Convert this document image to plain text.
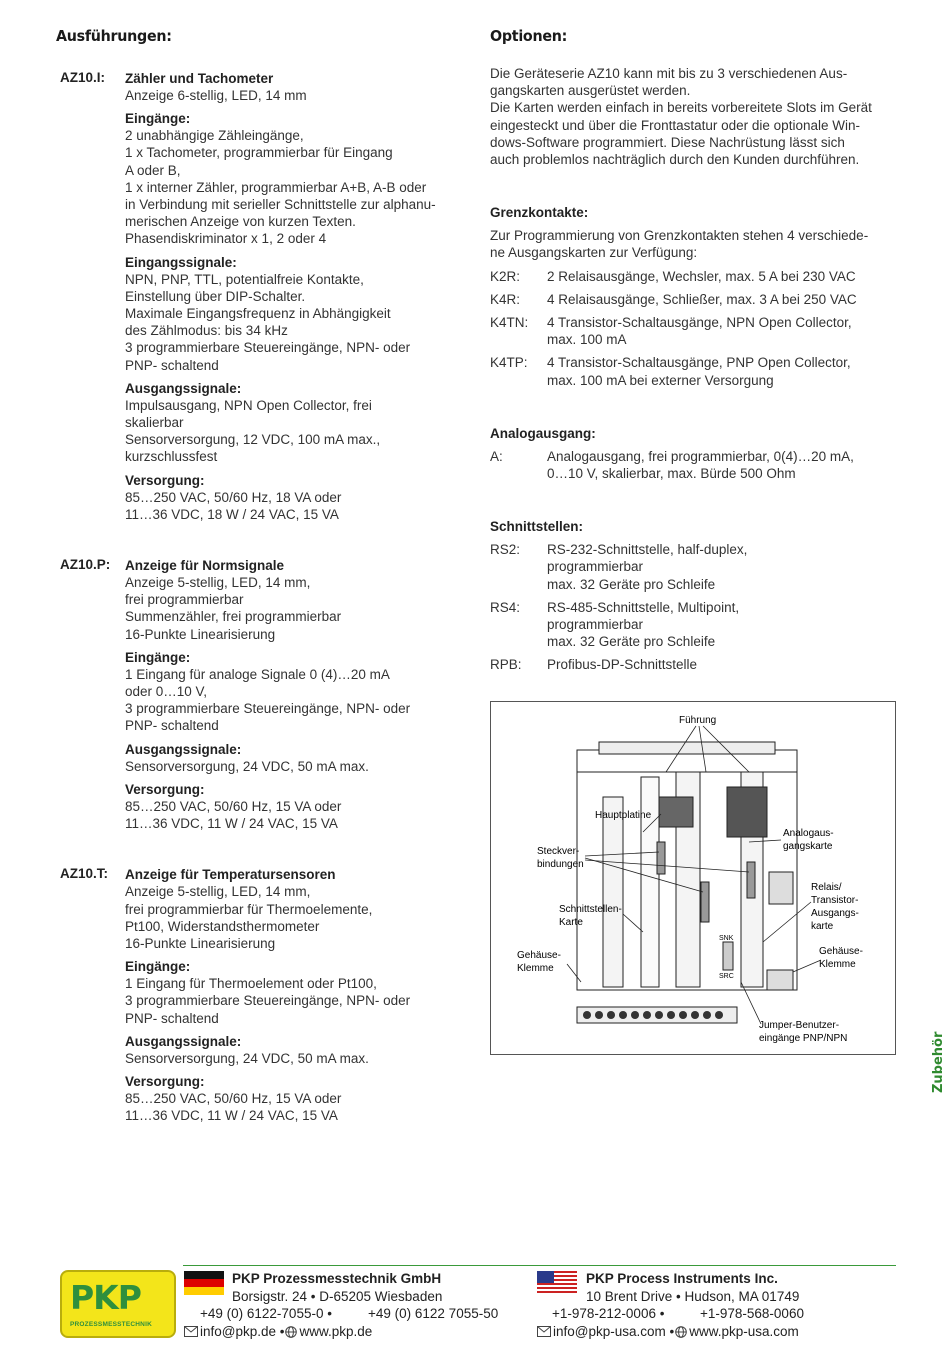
Ausführungen:
AZ10.I: Zähler und Tachometer
Anzeige 6-stellig, LED, 14 mm
Eingänge:
2 unabhängige Zähleingänge,
1 x Tachometer, programmierbar für Eingang
A oder B,
1 x interner Zähler, programmierbar A+B, A-B oder
in Verbindung mit serieller Schnittstelle zur alphanu-
merischen Anzeige von kurzen Texten.
Phasendiskriminator x 1, 2 oder 4
Eingangssignale:
NPN, PNP, TTL, potentialfreie Kontakte,
Einstellung über DIP-Schalter.
Maximale Eingangsfrequenz in Abhängigkeit
des Zählmodus: bis 34 kHz
3 programmierbare Steuereingänge, NPN- oder
PNP- schaltend
Ausgangssignale:
Impulsausgang, NPN Open Collector, frei
skalierbar
Sensorversorgung, 12 VDC, 100 mA max.,
kurzschlussfest
Versorgung:
85…250 VAC, 50/60 Hz, 18 VA oder
11…36 VDC, 18 W / 24 VAC, 15 VA
AZ10.P: Anzeige für Normsignale
Anzeige 5-stellig, LED, 14 mm,
frei programmierbar
Summenzähler, frei programmierbar
16-Punkte Linearisierung
Eingänge:
1 Eingang für analoge Signale 0 (4)…20 mA
oder 0…10 V,
3 programmierbare Steuereingänge, NPN- oder
PNP- schaltend
Ausgangssignale:
Sensorversorgung, 24 VDC, 50 mA max.
Versorgung:
85…250 VAC, 50/60 Hz, 15 VA oder
11…36 VDC, 11 W / 24 VAC, 15 VA
AZ10.T: Anzeige für Temperatursensoren
Anzeige 5-stellig, LED, 14 mm,
frei programmierbar für Thermoelemente,
Pt100, Widerstandsthermometer
16-Punkte Linearisierung
Eingänge:
1 Eingang für Thermoelement oder Pt100,
3 programmierbare Steuereingänge, NPN- oder
PNP- schaltend
Ausgangssignale:
Sensorversorgung, 24 VDC, 50 mA max.
Versorgung:
85…250 VAC, 50/60 Hz, 15 VA oder
11…36 VDC, 11 W / 24 VAC, 15 VA
Optionen:
Die Geräteserie AZ10 kann mit bis zu 3 verschiedenen Aus-
gangskarten ausgerüstet werden.
Die Karten werden einfach in bereits vorbereitete Slots im Gerät
eingesteckt und über die Fronttastatur oder die optionale Win-
dows-Software programmiert. Diese Nachrüstung lässt sich
auch problemlos nachträglich durch den Kunden durchführen.
Grenzkontakte:
Zur Programmierung von Grenzkontakten stehen 4 verschiede-
ne Ausgangskarten zur Verfügung:
K2R:	2 Relaisausgänge, Wechsler, max. 5 A bei 230 VAC
K4R:	4 Relaisausgänge, Schließer, max. 3 A bei 250 VAC
K4TN:	4 Transistor-Schaltausgänge, NPN Open Collector,
max. 100 mA
K4TP:	4 Transistor-Schaltausgänge, PNP Open Collector,
max. 100 mA bei externer Versorgung
Analogausgang:
A:	Analogausgang, frei programmierbar, 0(4)…20 mA,
0…10 V, skalierbar, max. Bürde 500 Ohm
Schnittstellen:
RS2:	RS-232-Schnittstelle, half-duplex,
programmierbar
max. 32 Geräte pro Schleife
RS4:	RS-485-Schnittstelle, Multipoint,
programmierbar
max. 32 Geräte pro Schleife
RPB:	Profibus-DP-Schnittstelle
Führung
Hauptplatine
Steckver-
bindungen
Analogaus-
gangskarte
Relais/
Transistor-
Ausgangs-
karte
Schnittstellen-
Karte
Gehäuse-
Klemme
Gehäuse-
Klemme
SNK
SRC
Jumper-Benutzer-
eingänge PNP/NPN	Zubehör
PKP
PROZESSMESSTECHNIK
PKP Prozessmesstechnik GmbH
Borsigstr. 24 • D-65205 Wiesbaden
+49 (0) 6122-7055-0 •	+49 (0) 6122 7055-50
info@pkp.de • www.pkp.de
PKP Process Instruments Inc.
10 Brent Drive • Hudson, MA 01749
+1-978-212-0006 •	+1-978-568-0060
info@pkp-usa.com • www.pkp-usa.com
